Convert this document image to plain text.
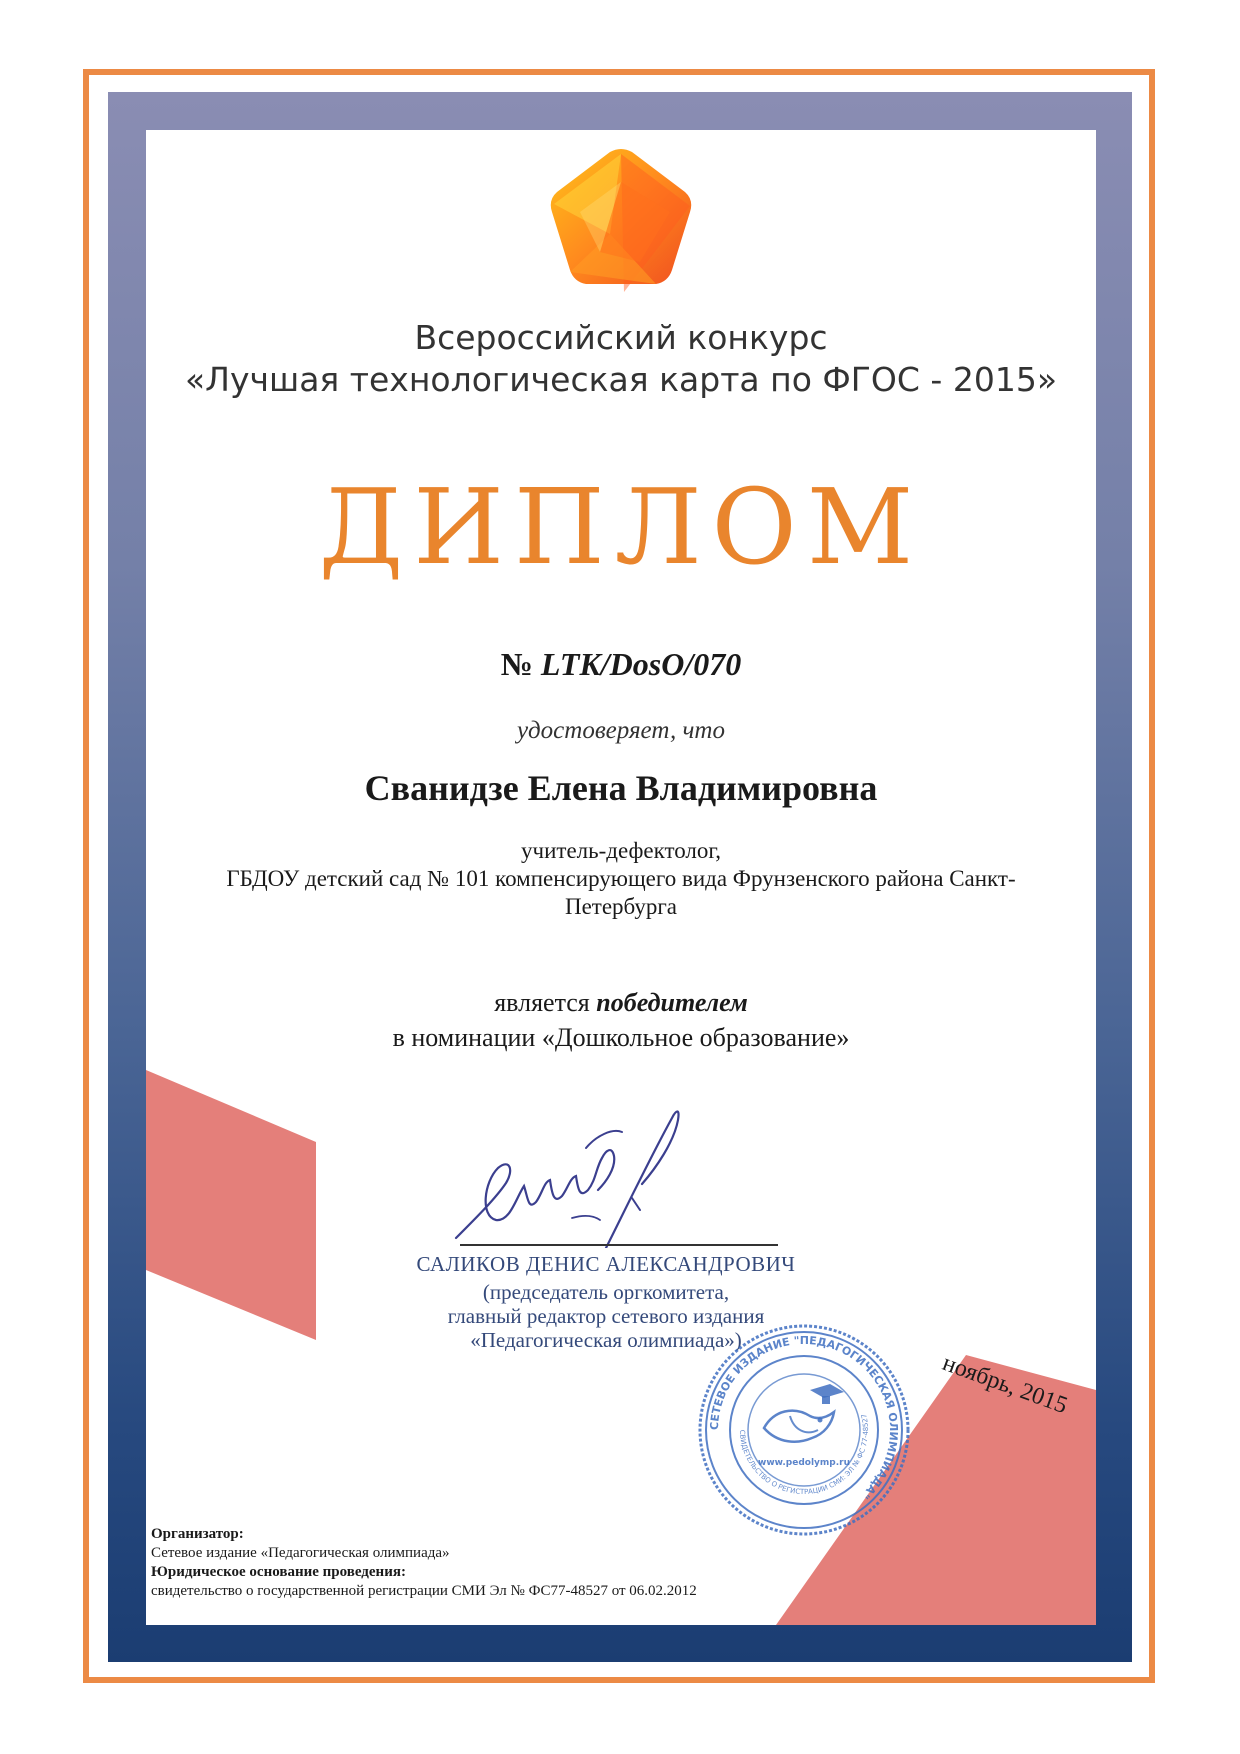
Всероссийский конкурс
«Лучшая технологическая карта по ФГОС - 2015»
ДИПЛОМ
№ LTK/DosO/070
удостоверяет, что
Сванидзе Елена Владимировна
учитель-дефектолог,
ГБДОУ детский сад № 101 компенсирующего вида Фрунзенского района Санкт-
Петербурга
является победителем
в номинации «Дошкольное образование»
САЛИКОВ ДЕНИС АЛЕКСАНДРОВИЧ
(председатель оргкомитета,
главный редактор сетевого издания
«Педагогическая олимпиада»)
СЕТЕВОЕ ИЗДАНИЕ "ПЕДАГОГИЧЕСКАЯ ОЛИМПИАДА"
СВИДЕТЕЛЬСТВО О РЕГИСТРАЦИИ СМИ: ЭЛ № ФС 77-48527
www.pedolymp.ru
ноябрь, 2015
Организатор:
Сетевое издание «Педагогическая олимпиада»
Юридическое основание проведения:
свидетельство о государственной регистрации СМИ Эл № ФС77-48527 от 06.02.2012
